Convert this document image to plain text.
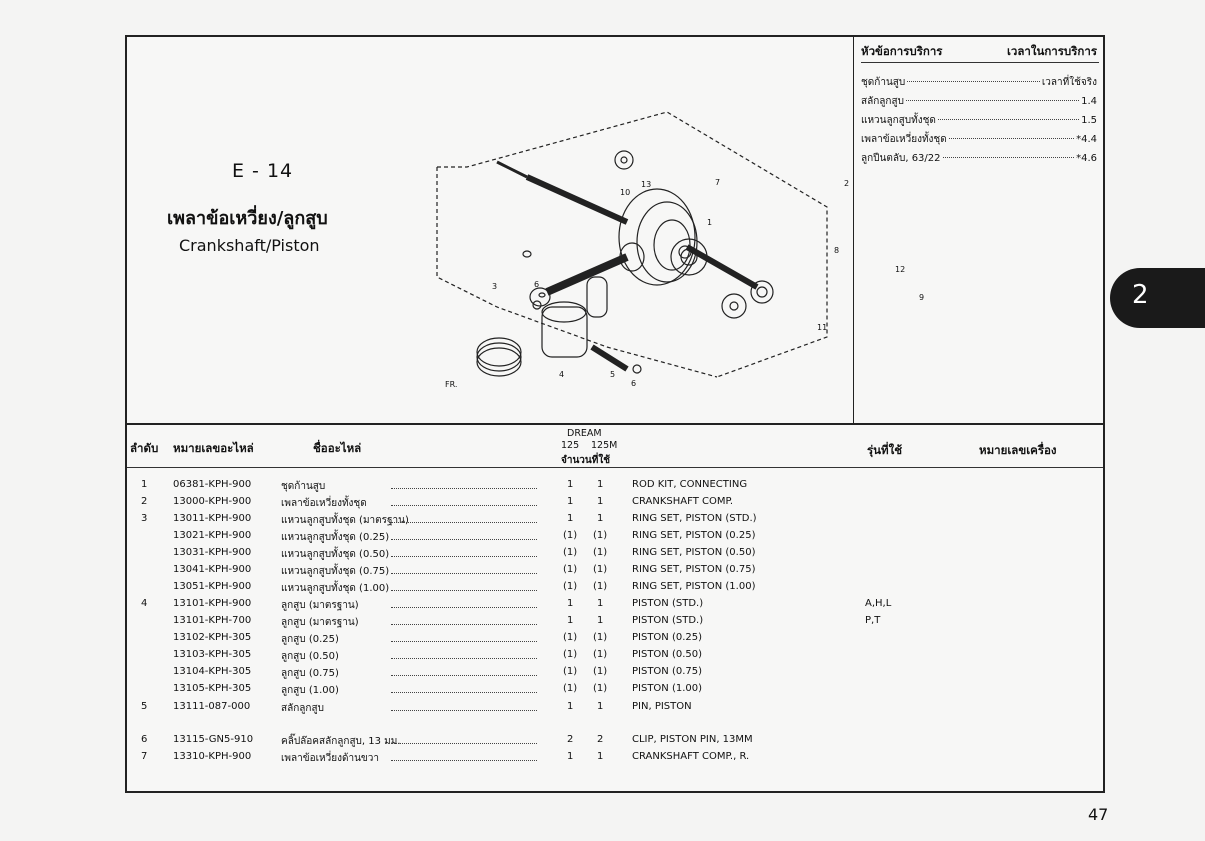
E - 14
เพลาข้อเหวี่ยง/ลูกสูบ
Crankshaft/Piston
10
13	7	2
1
8
12
9
11
3	6
4	5
6
FR.
หัวข้อการบริการ	เวลาในการบริการ
ชุดก้านสูบ	เวลาที่ใช้จริง
สลักลูกสูบ	1.4
แหวนลูกสูบทั้งชุด	1.5
เพลาข้อเหวี่ยงทั้งชุด	*4.4
ลูกปืนตลับ, 63/22	*4.6
ลำดับ หมายเลขอะไหล่	ชื่ออะไหล่
DREAM
125 125M
จำนวนที่ใช้
รุ่นที่ใช้	หมายเลขเครื่อง
1	06381-KPH-900	ชุดก้านสูบ	1 1	ROD KIT, CONNECTING
2	13000-KPH-900	เพลาข้อเหวี่ยงทั้งชุด	1 1	CRANKSHAFT COMP.
3	13011-KPH-900	แหวนลูกสูบทั้งชุด (มาตรฐาน)	1 1	RING SET, PISTON (STD.)
13021-KPH-900	แหวนลูกสูบทั้งชุด (0.25)	(1) (1) RING SET, PISTON (0.25)
13031-KPH-900	แหวนลูกสูบทั้งชุด (0.50)	(1) (1) RING SET, PISTON (0.50)
13041-KPH-900	แหวนลูกสูบทั้งชุด (0.75)	(1) (1) RING SET, PISTON (0.75)
13051-KPH-900	แหวนลูกสูบทั้งชุด (1.00)	(1) (1) RING SET, PISTON (1.00)
4	13101-KPH-900	ลูกสูบ (มาตรฐาน)	1 1	PISTON (STD.)	A,H,L
13101-KPH-700	ลูกสูบ (มาตรฐาน)	1 1	PISTON (STD.)	P,T
13102-KPH-305	ลูกสูบ (0.25)	(1) (1) PISTON (0.25)
13103-KPH-305	ลูกสูบ (0.50)	(1) (1) PISTON (0.50)
13104-KPH-305	ลูกสูบ (0.75)	(1) (1) PISTON (0.75)
13105-KPH-305	ลูกสูบ (1.00)	(1) (1) PISTON (1.00)
5	13111-087-000	สลักลูกสูบ	1 1	PIN, PISTON
6	13115-GN5-910	คลิ๊ปล๊อคสลักลูกสูบ, 13 มม.	2 2	CLIP, PISTON PIN, 13MM
7	13310-KPH-900	เพลาข้อเหวี่ยงด้านขวา	1 1	CRANKSHAFT COMP., R.
2
47
